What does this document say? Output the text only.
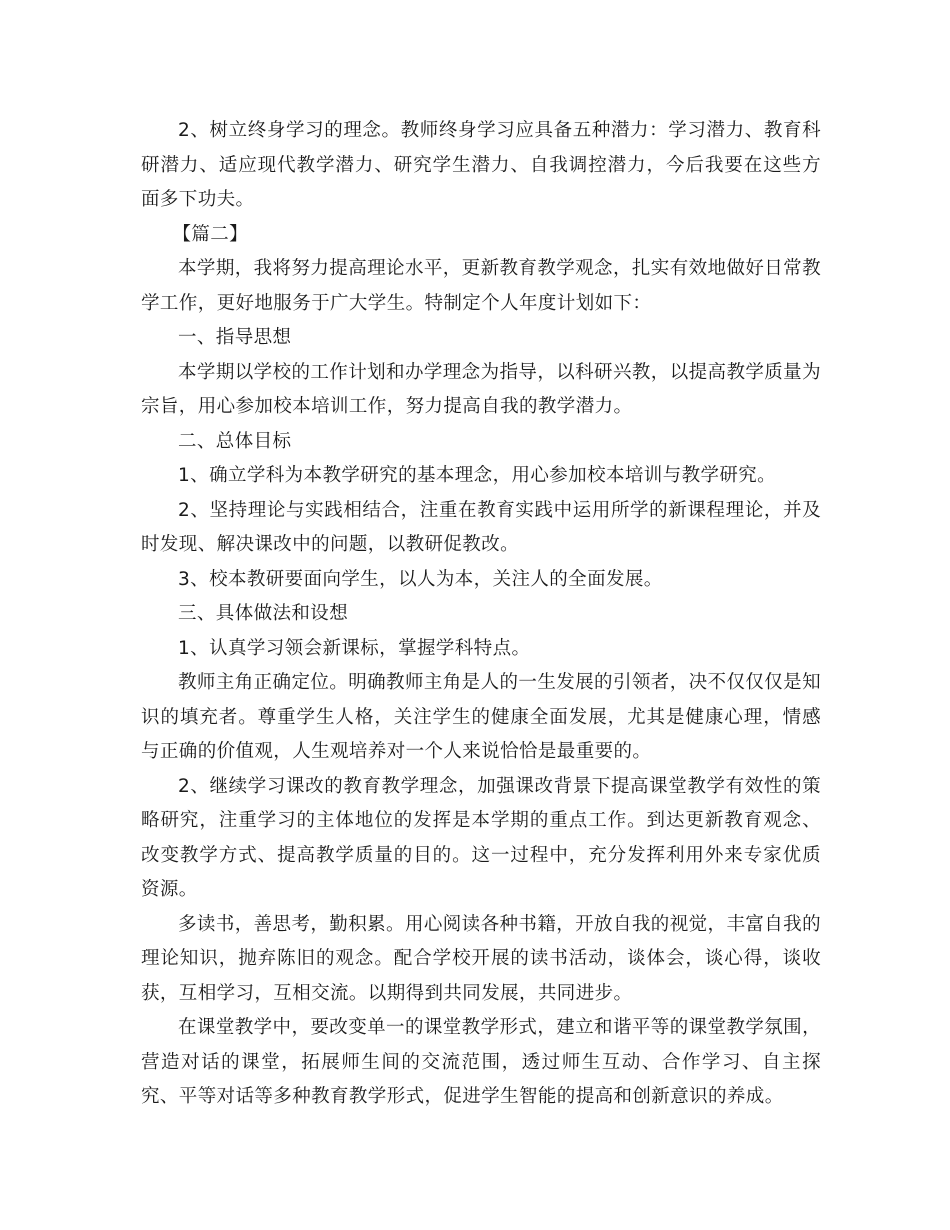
2、树立终身学习的理念。教师终身学习应具备五种潜力：学习潜力、教育科研潜力、适应现代教学潜力、研究学生潜力、自我调控潜力，今后我要在这些方面多下功夫。

【篇二】

本学期，我将努力提高理论水平，更新教育教学观念，扎实有效地做好日常教学工作，更好地服务于广大学生。特制定个人年度计划如下：

一、指导思想

本学期以学校的工作计划和办学理念为指导，以科研兴教，以提高教学质量为宗旨，用心参加校本培训工作，努力提高自我的教学潜力。

二、总体目标

1、确立学科为本教学研究的基本理念，用心参加校本培训与教学研究。

2、坚持理论与实践相结合，注重在教育实践中运用所学的新课程理论，并及时发现、解决课改中的问题，以教研促教改。

3、校本教研要面向学生，以人为本，关注人的全面发展。

三、具体做法和设想

1、认真学习领会新课标，掌握学科特点。

教师主角正确定位。明确教师主角是人的一生发展的引领者，决不仅仅仅是知识的填充者。尊重学生人格，关注学生的健康全面发展，尤其是健康心理，情感与正确的价值观，人生观培养对一个人来说恰恰是最重要的。

2、继续学习课改的教育教学理念，加强课改背景下提高课堂教学有效性的策略研究，注重学习的主体地位的发挥是本学期的重点工作。到达更新教育观念、改变教学方式、提高教学质量的目的。这一过程中，充分发挥利用外来专家优质资源。

多读书，善思考，勤积累。用心阅读各种书籍，开放自我的视觉，丰富自我的理论知识，抛弃陈旧的观念。配合学校开展的读书活动，谈体会，谈心得，谈收获，互相学习，互相交流。以期得到共同发展，共同进步。

在课堂教学中，要改变单一的课堂教学形式，建立和谐平等的课堂教学氛围，营造对话的课堂，拓展师生间的交流范围，透过师生互动、合作学习、自主探究、平等对话等多种教育教学形式，促进学生智能的提高和创新意识的养成。
